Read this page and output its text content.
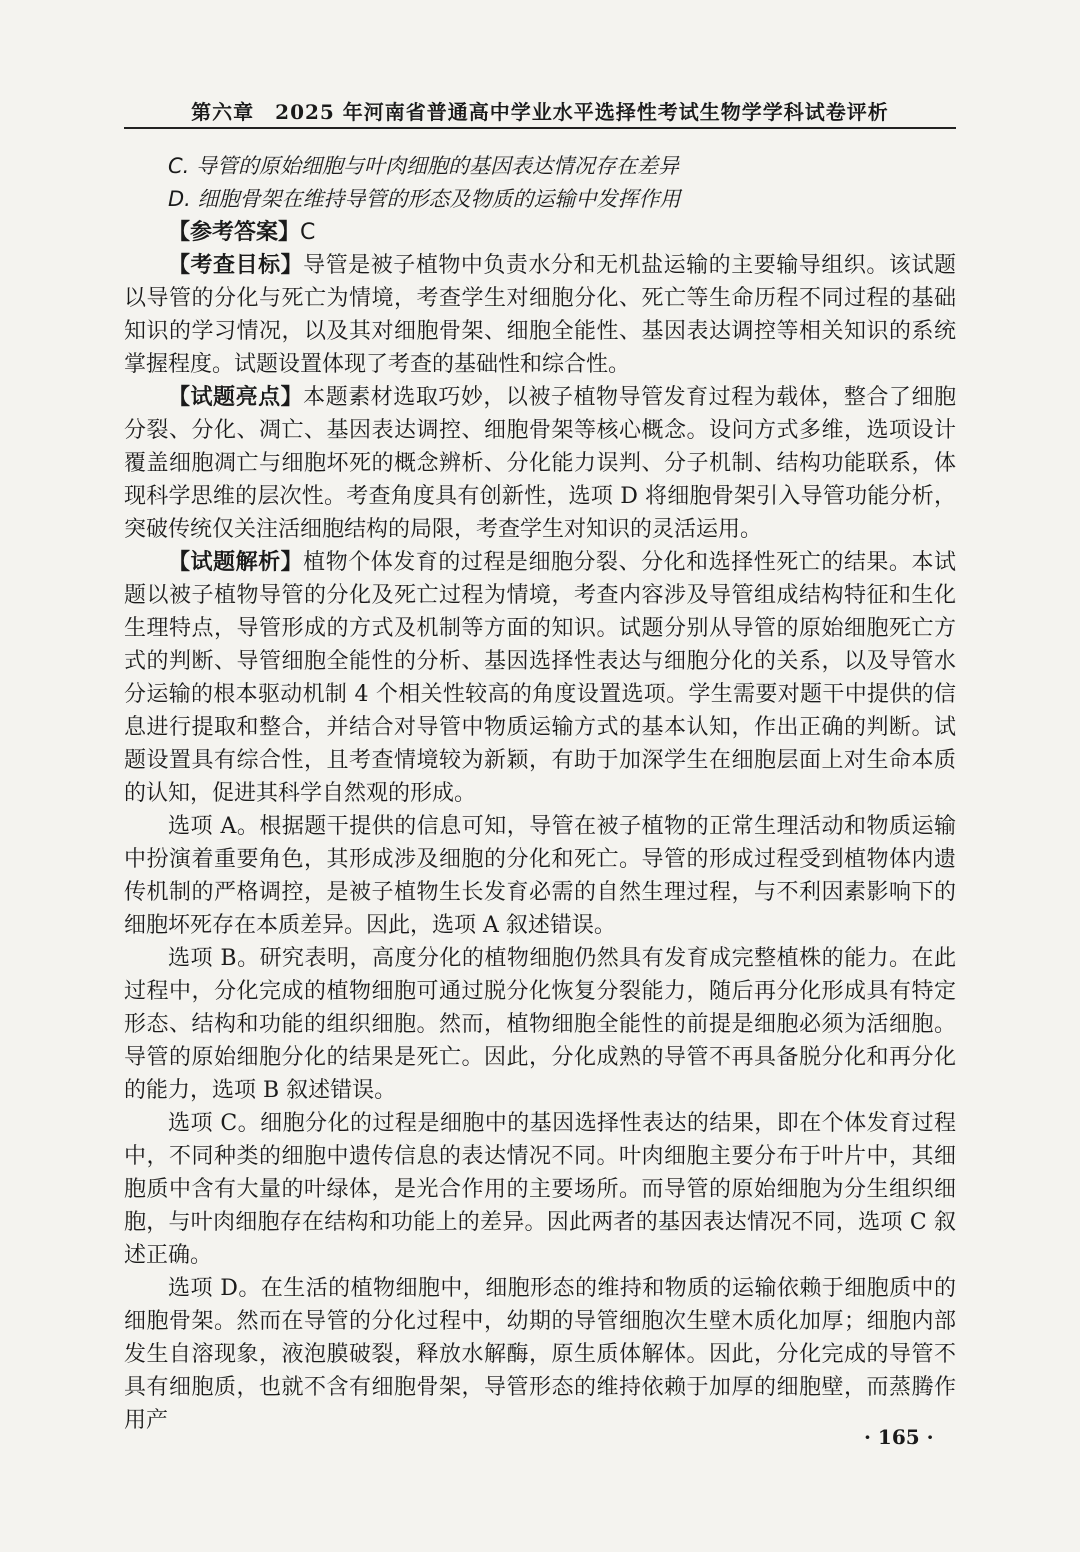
第六章　2025 年河南省普通高中学业水平选择性考试生物学学科试卷评析

C. 导管的原始细胞与叶肉细胞的基因表达情况存在差异

D. 细胞骨架在维持导管的形态及物质的运输中发挥作用

【参考答案】C

【考查目标】导管是被子植物中负责水分和无机盐运输的主要输导组织。该试题以导管的分化与死亡为情境，考查学生对细胞分化、死亡等生命历程不同过程的基础知识的学习情况，以及其对细胞骨架、细胞全能性、基因表达调控等相关知识的系统掌握程度。试题设置体现了考查的基础性和综合性。

【试题亮点】本题素材选取巧妙，以被子植物导管发育过程为载体，整合了细胞分裂、分化、凋亡、基因表达调控、细胞骨架等核心概念。设问方式多维，选项设计覆盖细胞凋亡与细胞坏死的概念辨析、分化能力误判、分子机制、结构功能联系，体现科学思维的层次性。考查角度具有创新性，选项 D 将细胞骨架引入导管功能分析，突破传统仅关注活细胞结构的局限，考查学生对知识的灵活运用。

【试题解析】植物个体发育的过程是细胞分裂、分化和选择性死亡的结果。本试题以被子植物导管的分化及死亡过程为情境，考查内容涉及导管组成结构特征和生化生理特点，导管形成的方式及机制等方面的知识。试题分别从导管的原始细胞死亡方式的判断、导管细胞全能性的分析、基因选择性表达与细胞分化的关系，以及导管水分运输的根本驱动机制 4 个相关性较高的角度设置选项。学生需要对题干中提供的信息进行提取和整合，并结合对导管中物质运输方式的基本认知，作出正确的判断。试题设置具有综合性，且考查情境较为新颖，有助于加深学生在细胞层面上对生命本质的认知，促进其科学自然观的形成。

选项 A。根据题干提供的信息可知，导管在被子植物的正常生理活动和物质运输中扮演着重要角色，其形成涉及细胞的分化和死亡。导管的形成过程受到植物体内遗传机制的严格调控，是被子植物生长发育必需的自然生理过程，与不利因素影响下的细胞坏死存在本质差异。因此，选项 A 叙述错误。

选项 B。研究表明，高度分化的植物细胞仍然具有发育成完整植株的能力。在此过程中，分化完成的植物细胞可通过脱分化恢复分裂能力，随后再分化形成具有特定形态、结构和功能的组织细胞。然而，植物细胞全能性的前提是细胞必须为活细胞。导管的原始细胞分化的结果是死亡。因此，分化成熟的导管不再具备脱分化和再分化的能力，选项 B 叙述错误。

选项 C。细胞分化的过程是细胞中的基因选择性表达的结果，即在个体发育过程中，不同种类的细胞中遗传信息的表达情况不同。叶肉细胞主要分布于叶片中，其细胞质中含有大量的叶绿体，是光合作用的主要场所。而导管的原始细胞为分生组织细胞，与叶肉细胞存在结构和功能上的差异。因此两者的基因表达情况不同，选项 C 叙述正确。

选项 D。在生活的植物细胞中，细胞形态的维持和物质的运输依赖于细胞质中的细胞骨架。然而在导管的分化过程中，幼期的导管细胞次生壁木质化加厚；细胞内部发生自溶现象，液泡膜破裂，释放水解酶，原生质体解体。因此，分化完成的导管不具有细胞质，也就不含有细胞骨架，导管形态的维持依赖于加厚的细胞壁，而蒸腾作用产

· 165 ·
